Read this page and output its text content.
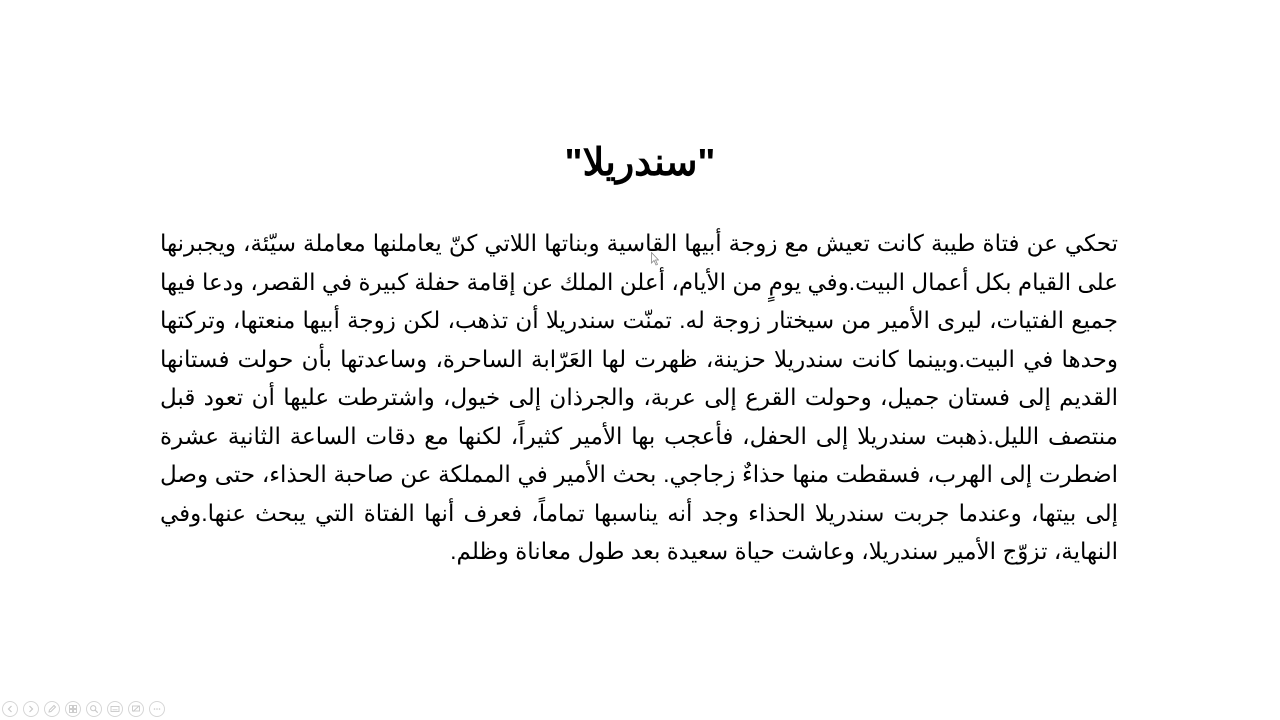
"سندريلا"

تحكي عن فتاة طيبة كانت تعيش مع زوجة أبيها القاسية وبناتها اللاتي كنّ يعاملنها معاملة سيّئة، ويجبرنها على القيام بكل أعمال البيت.وفي يومٍ من الأيام، أعلن الملك عن إقامة حفلة كبيرة في القصر، ودعا فيها جميع الفتيات، ليرى الأمير من سيختار زوجة له. تمنّت سندريلا أن تذهب، لكن زوجة أبيها منعتها، وتركتها وحدها في البيت.وبينما كانت سندريلا حزينة، ظهرت لها العَرّابة الساحرة، وساعدتها بأن حولت فستانها القديم إلى فستان جميل، وحولت القرع إلى عربة، والجرذان إلى خيول، واشترطت عليها أن تعود قبل منتصف الليل.ذهبت سندريلا إلى الحفل، فأعجب بها الأمير كثيراً، لكنها مع دقات الساعة الثانية عشرة اضطرت إلى الهرب، فسقطت منها حذاءٌ زجاجي. بحث الأمير في المملكة عن صاحبة الحذاء، حتى وصل إلى بيتها، وعندما جربت سندريلا الحذاء وجد أنه يناسبها تماماً، فعرف أنها الفتاة التي يبحث عنها.وفي النهاية، تزوّج الأمير سندريلا، وعاشت حياة سعيدة بعد طول معاناة وظلم.
